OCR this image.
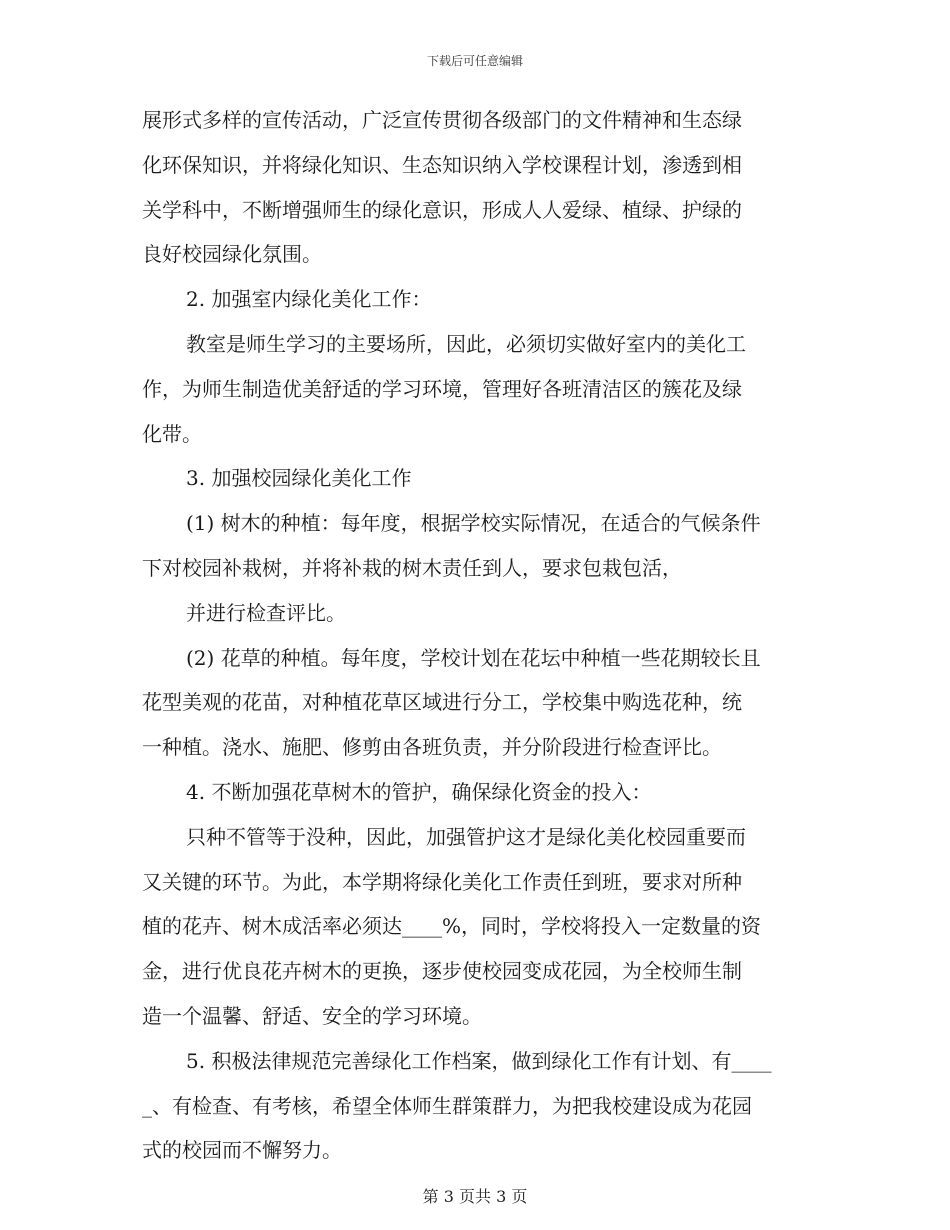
下载后可任意编辑
展形式多样的宣传活动，广泛宣传贯彻各级部门的文件精神和生态绿
化环保知识，并将绿化知识、生态知识纳入学校课程计划，渗透到相
关学科中，不断增强师生的绿化意识，形成人人爱绿、植绿、护绿的
良好校园绿化氛围。
2. 加强室内绿化美化工作：
教室是师生学习的主要场所，因此，必须切实做好室内的美化工
作，为师生制造优美舒适的学习环境，管理好各班清洁区的簇花及绿
化带。
3. 加强校园绿化美化工作
(1) 树木的种植：每年度，根据学校实际情况，在适合的气候条件
下对校园补栽树，并将补栽的树木责任到人，要求包栽包活，
并进行检查评比。
(2) 花草的种植。每年度，学校计划在花坛中种植一些花期较长且
花型美观的花苗，对种植花草区域进行分工，学校集中购选花种，统
一种植。浇水、施肥、修剪由各班负责，并分阶段进行检查评比。
4. 不断加强花草树木的管护，确保绿化资金的投入：
只种不管等于没种，因此，加强管护这才是绿化美化校园重要而
又关键的环节。为此，本学期将绿化美化工作责任到班，要求对所种
植的花卉、树木成活率必须达____%，同时，学校将投入一定数量的资
金，进行优良花卉树木的更换，逐步使校园变成花园，为全校师生制
造一个温馨、舒适、安全的学习环境。
5. 积极法律规范完善绿化工作档案，做到绿化工作有计划、有____
_、有检查、有考核，希望全体师生群策群力，为把我校建设成为花园
式的校园而不懈努力。
第 3 页共 3 页
